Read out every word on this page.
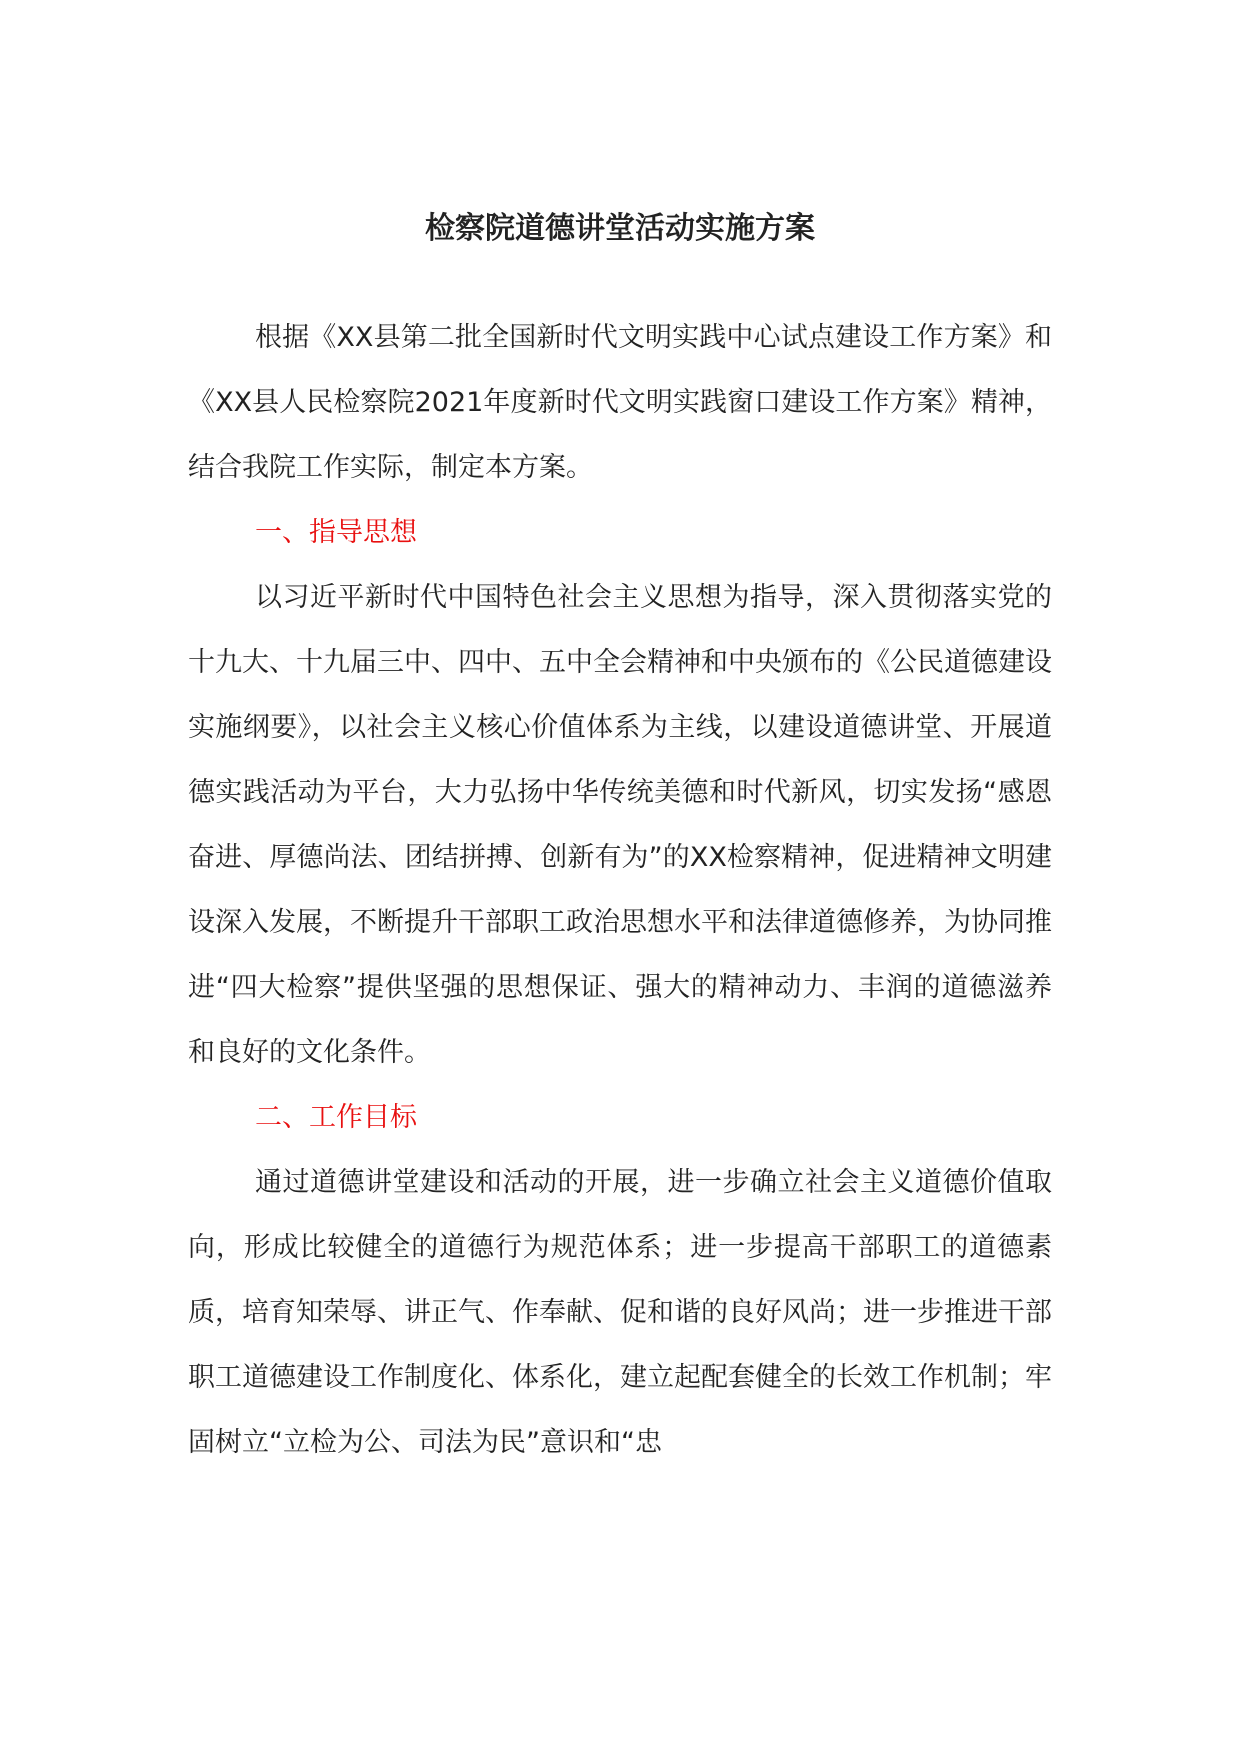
检察院道德讲堂活动实施方案

根据《XX县第二批全国新时代文明实践中心试点建设工作方案》和《XX县人民检察院2021年度新时代文明实践窗口建设工作方案》精神，结合我院工作实际，制定本方案。

一、指导思想

以习近平新时代中国特色社会主义思想为指导，深入贯彻落实党的十九大、十九届三中、四中、五中全会精神和中央颁布的《公民道德建设实施纲要》，以社会主义核心价值体系为主线，以建设道德讲堂、开展道德实践活动为平台，大力弘扬中华传统美德和时代新风，切实发扬“感恩奋进、厚德尚法、团结拼搏、创新有为”的XX检察精神，促进精神文明建设深入发展，不断提升干部职工政治思想水平和法律道德修养，为协同推进“四大检察”提供坚强的思想保证、强大的精神动力、丰润的道德滋养和良好的文化条件。

二、工作目标

通过道德讲堂建设和活动的开展，进一步确立社会主义道德价值取向，形成比较健全的道德行为规范体系；进一步提高干部职工的道德素质，培育知荣辱、讲正气、作奉献、促和谐的良好风尚；进一步推进干部职工道德建设工作制度化、体系化，建立起配套健全的长效工作机制；牢固树立“立检为公、司法为民”意识和“忠
